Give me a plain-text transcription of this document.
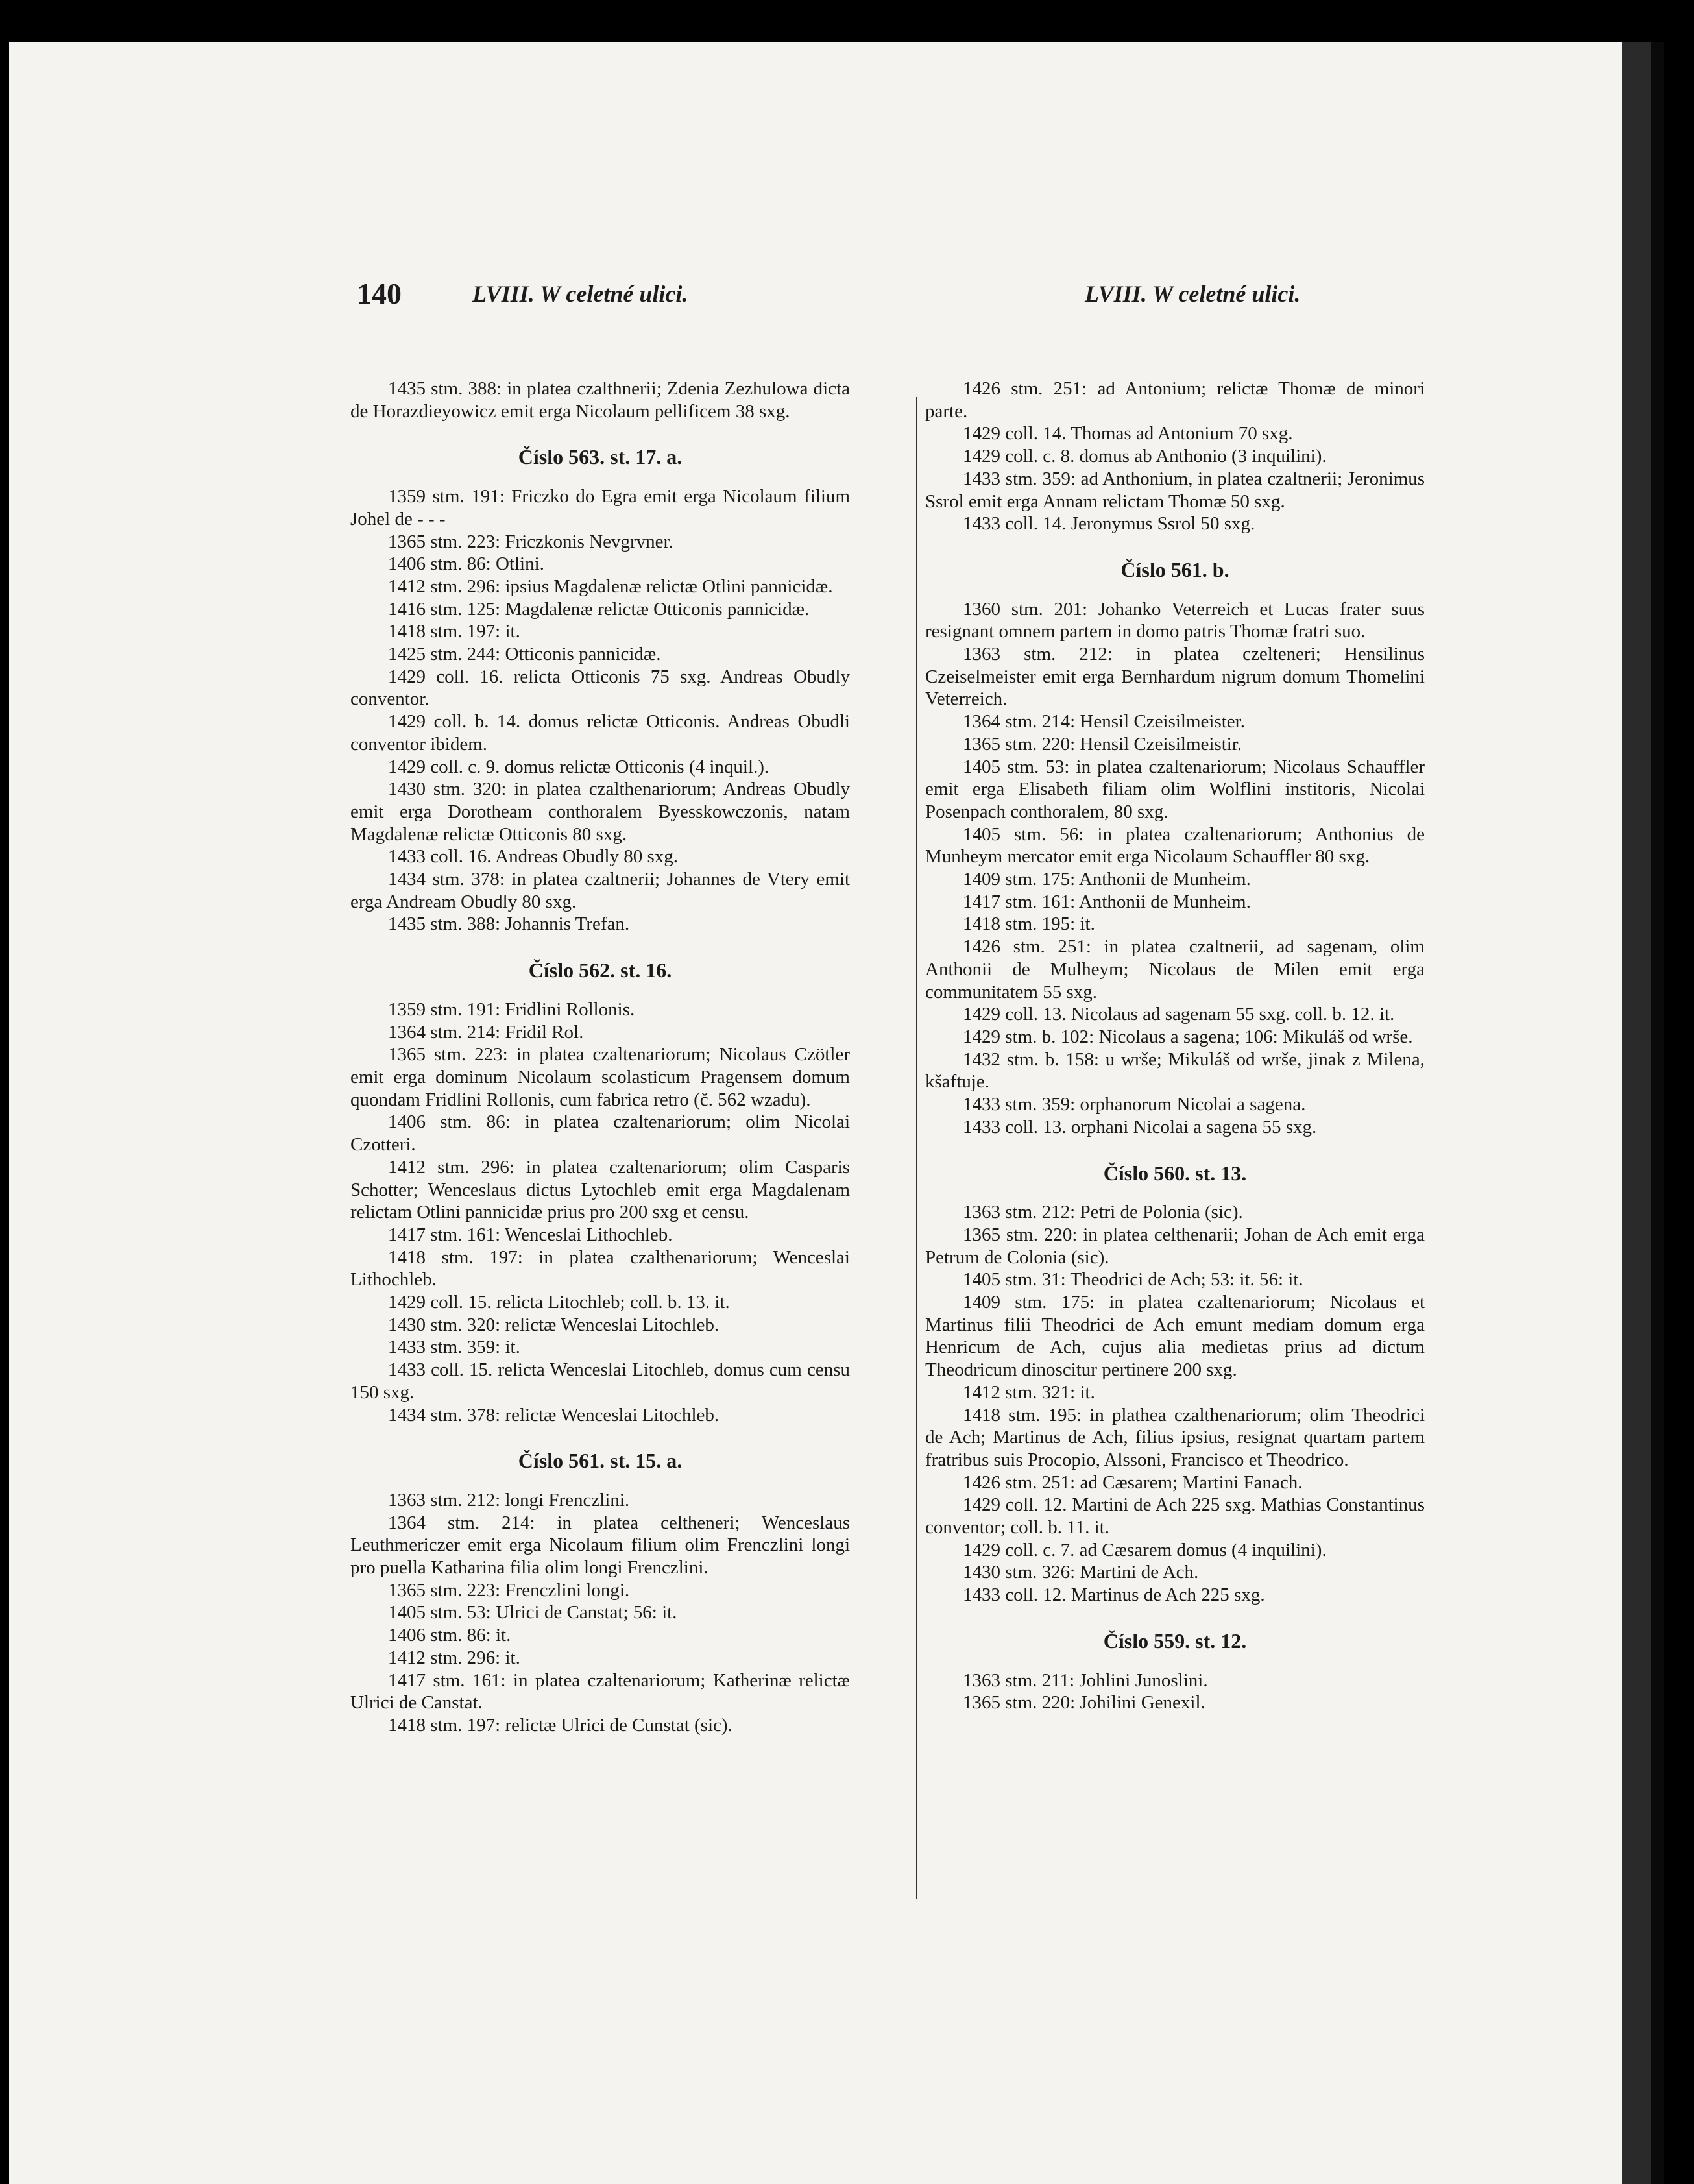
140	LVIII. W celetné ulici.	LVIII. W celetné ulici.

1435 stm. 388: in platea czalthnerii; Zdenia Zezhulowa dicta de Horazdieyowicz emit erga Nicolaum pellificem 38 sxg.

Číslo 563. st. 17. a.

1359 stm. 191: Friczko do Egra emit erga Nicolaum filium Johel de - - -

1365 stm. 223: Friczkonis Nevgrvner.

1406 stm. 86: Otlini.

1412 stm. 296: ipsius Magdalenæ relictæ Otlini pannicidæ.

1416 stm. 125: Magdalenæ relictæ Otticonis pannicidæ.

1418 stm. 197: it.

1425 stm. 244: Otticonis pannicidæ.

1429 coll. 16. relicta Otticonis 75 sxg. Andreas Obudly conventor.

1429 coll. b. 14. domus relictæ Otticonis. Andreas Obudli conventor ibidem.

1429 coll. c. 9. domus relictæ Otticonis (4 inquil.).

1430 stm. 320: in platea czalthenariorum; Andreas Obudly emit erga Dorotheam conthoralem Byesskowczonis, natam Magdalenæ relictæ Otticonis 80 sxg.

1433 coll. 16. Andreas Obudly 80 sxg.

1434 stm. 378: in platea czaltnerii; Johannes de Vtery emit erga Andream Obudly 80 sxg.

1435 stm. 388: Johannis Trefan.

Číslo 562. st. 16.

1359 stm. 191: Fridlini Rollonis.

1364 stm. 214: Fridil Rol.

1365 stm. 223: in platea czaltenariorum; Nicolaus Czötler emit erga dominum Nicolaum scolasticum Pragensem domum quondam Fridlini Rollonis, cum fabrica retro (č. 562 wzadu).

1406 stm. 86: in platea czaltenariorum; olim Nicolai Czotteri.

1412 stm. 296: in platea czaltenariorum; olim Casparis Schotter; Wenceslaus dictus Lytochleb emit erga Magdalenam relictam Otlini pannicidæ prius pro 200 sxg et censu.

1417 stm. 161: Wenceslai Lithochleb.

1418 stm. 197: in platea czalthenariorum; Wenceslai Lithochleb.

1429 coll. 15. relicta Litochleb; coll. b. 13. it.

1430 stm. 320: relictæ Wenceslai Litochleb.

1433 stm. 359: it.

1433 coll. 15. relicta Wenceslai Litochleb, domus cum censu 150 sxg.

1434 stm. 378: relictæ Wenceslai Litochleb.

Číslo 561. st. 15. a.

1363 stm. 212: longi Frenczlini.

1364 stm. 214: in platea celtheneri; Wenceslaus Leuthmericzer emit erga Nicolaum filium olim Frenczlini longi pro puella Katharina filia olim longi Frenczlini.

1365 stm. 223: Frenczlini longi.

1405 stm. 53: Ulrici de Canstat; 56: it.

1406 stm. 86: it.

1412 stm. 296: it.

1417 stm. 161: in platea czaltenariorum; Katherinæ relictæ Ulrici de Canstat.

1418 stm. 197: relictæ Ulrici de Cunstat (sic).

1426 stm. 251: ad Antonium; relictæ Thomæ de minori parte.

1429 coll. 14. Thomas ad Antonium 70 sxg.

1429 coll. c. 8. domus ab Anthonio (3 inquilini).

1433 stm. 359: ad Anthonium, in platea czaltnerii; Jeronimus Ssrol emit erga Annam relictam Thomæ 50 sxg.

1433 coll. 14. Jeronymus Ssrol 50 sxg.

Číslo 561. b.

1360 stm. 201: Johanko Veterreich et Lucas frater suus resignant omnem partem in domo patris Thomæ fratri suo.

1363 stm. 212: in platea czelteneri; Hensilinus Czeiselmeister emit erga Bernhardum nigrum domum Thomelini Veterreich.

1364 stm. 214: Hensil Czeisilmeister.

1365 stm. 220: Hensil Czeisilmeistir.

1405 stm. 53: in platea czaltenariorum; Nicolaus Schauffler emit erga Elisabeth filiam olim Wolflini institoris, Nicolai Posenpach conthoralem, 80 sxg.

1405 stm. 56: in platea czaltenariorum; Anthonius de Munheym mercator emit erga Nicolaum Schauffler 80 sxg.

1409 stm. 175: Anthonii de Munheim.

1417 stm. 161: Anthonii de Munheim.

1418 stm. 195: it.

1426 stm. 251: in platea czaltnerii, ad sagenam, olim Anthonii de Mulheym; Nicolaus de Milen emit erga communitatem 55 sxg.

1429 coll. 13. Nicolaus ad sagenam 55 sxg. coll. b. 12. it.

1429 stm. b. 102: Nicolaus a sagena; 106: Mikuláš od wrše.

1432 stm. b. 158: u wrše; Mikuláš od wrše, jinak z Milena, kšaftuje.

1433 stm. 359: orphanorum Nicolai a sagena.

1433 coll. 13. orphani Nicolai a sagena 55 sxg.

Číslo 560. st. 13.

1363 stm. 212: Petri de Polonia (sic).

1365 stm. 220: in platea celthenarii; Johan de Ach emit erga Petrum de Colonia (sic).

1405 stm. 31: Theodrici de Ach; 53: it. 56: it.

1409 stm. 175: in platea czaltenariorum; Nicolaus et Martinus filii Theodrici de Ach emunt mediam domum erga Henricum de Ach, cujus alia medietas prius ad dictum Theodricum dinoscitur pertinere 200 sxg.

1412 stm. 321: it.

1418 stm. 195: in plathea czalthenariorum; olim Theodrici de Ach; Martinus de Ach, filius ipsius, resignat quartam partem fratribus suis Procopio, Alssoni, Francisco et Theodrico.

1426 stm. 251: ad Cæsarem; Martini Fanach.

1429 coll. 12. Martini de Ach 225 sxg. Mathias Constantinus conventor; coll. b. 11. it.

1429 coll. c. 7. ad Cæsarem domus (4 inquilini).

1430 stm. 326: Martini de Ach.

1433 coll. 12. Martinus de Ach 225 sxg.

Číslo 559. st. 12.

1363 stm. 211: Johlini Junoslini.

1365 stm. 220: Johilini Genexil.
